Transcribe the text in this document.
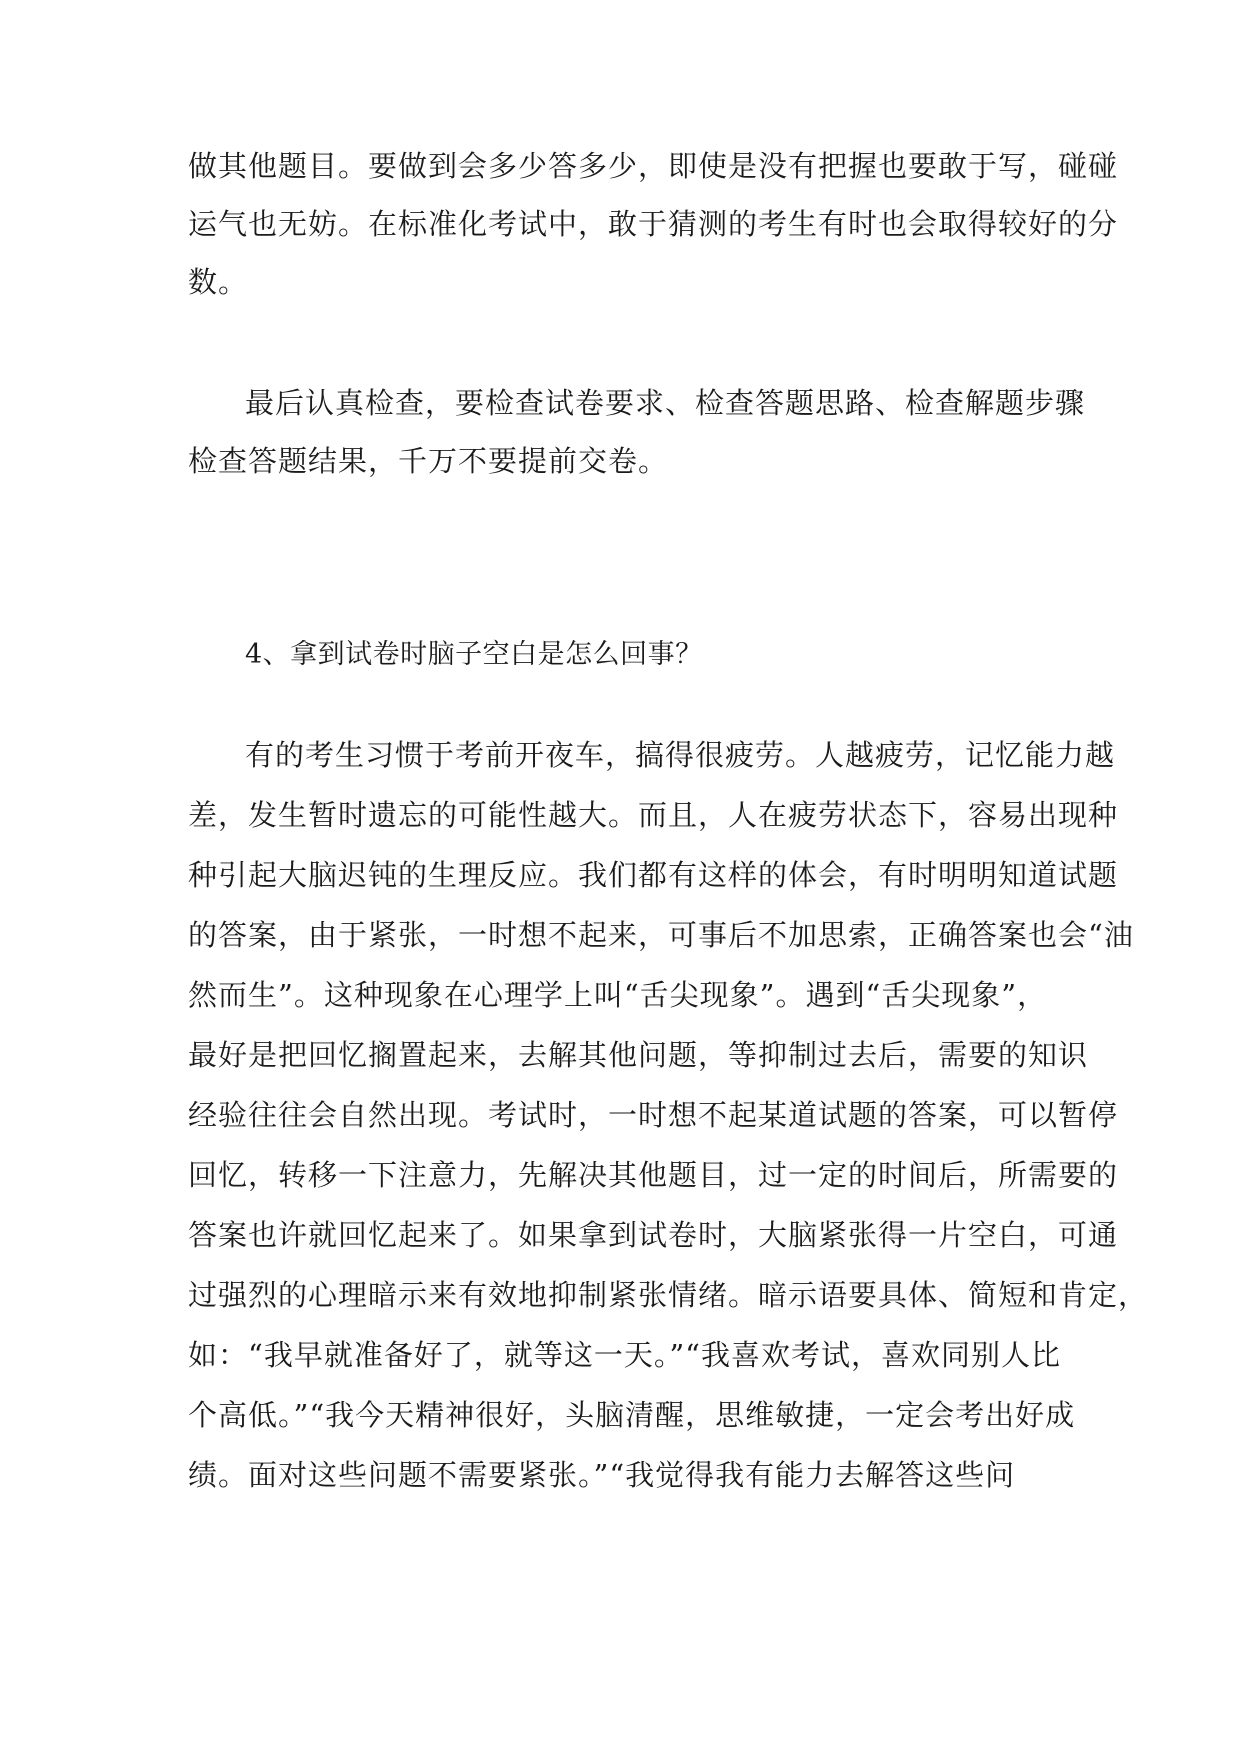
做其他题目。要做到会多少答多少，即使是没有把握也要敢于写，碰碰
运气也无妨。在标准化考试中，敢于猜测的考生有时也会取得较好的分
数。
最后认真检查，要检查试卷要求、检查答题思路、检查解题步骤
检查答题结果，千万不要提前交卷。
4、拿到试卷时脑子空白是怎么回事？
有的考生习惯于考前开夜车，搞得很疲劳。人越疲劳，记忆能力越
差，发生暂时遗忘的可能性越大。而且，人在疲劳状态下，容易出现种
种引起大脑迟钝的生理反应。我们都有这样的体会，有时明明知道试题
的答案，由于紧张，一时想不起来，可事后不加思索，正确答案也会“油
然而生”。这种现象在心理学上叫“舌尖现象”。遇到“舌尖现象”，
最好是把回忆搁置起来，去解其他问题，等抑制过去后，需要的知识
经验往往会自然出现。考试时，一时想不起某道试题的答案，可以暂停
回忆，转移一下注意力，先解决其他题目，过一定的时间后，所需要的
答案也许就回忆起来了。如果拿到试卷时，大脑紧张得一片空白，可通
过强烈的心理暗示来有效地抑制紧张情绪。暗示语要具体、简短和肯定，
如：“我早就准备好了，就等这一天。”“我喜欢考试，喜欢同别人比
个高低。”“我今天精神很好，头脑清醒，思维敏捷，一定会考出好成
绩。面对这些问题不需要紧张。”“我觉得我有能力去解答这些问
